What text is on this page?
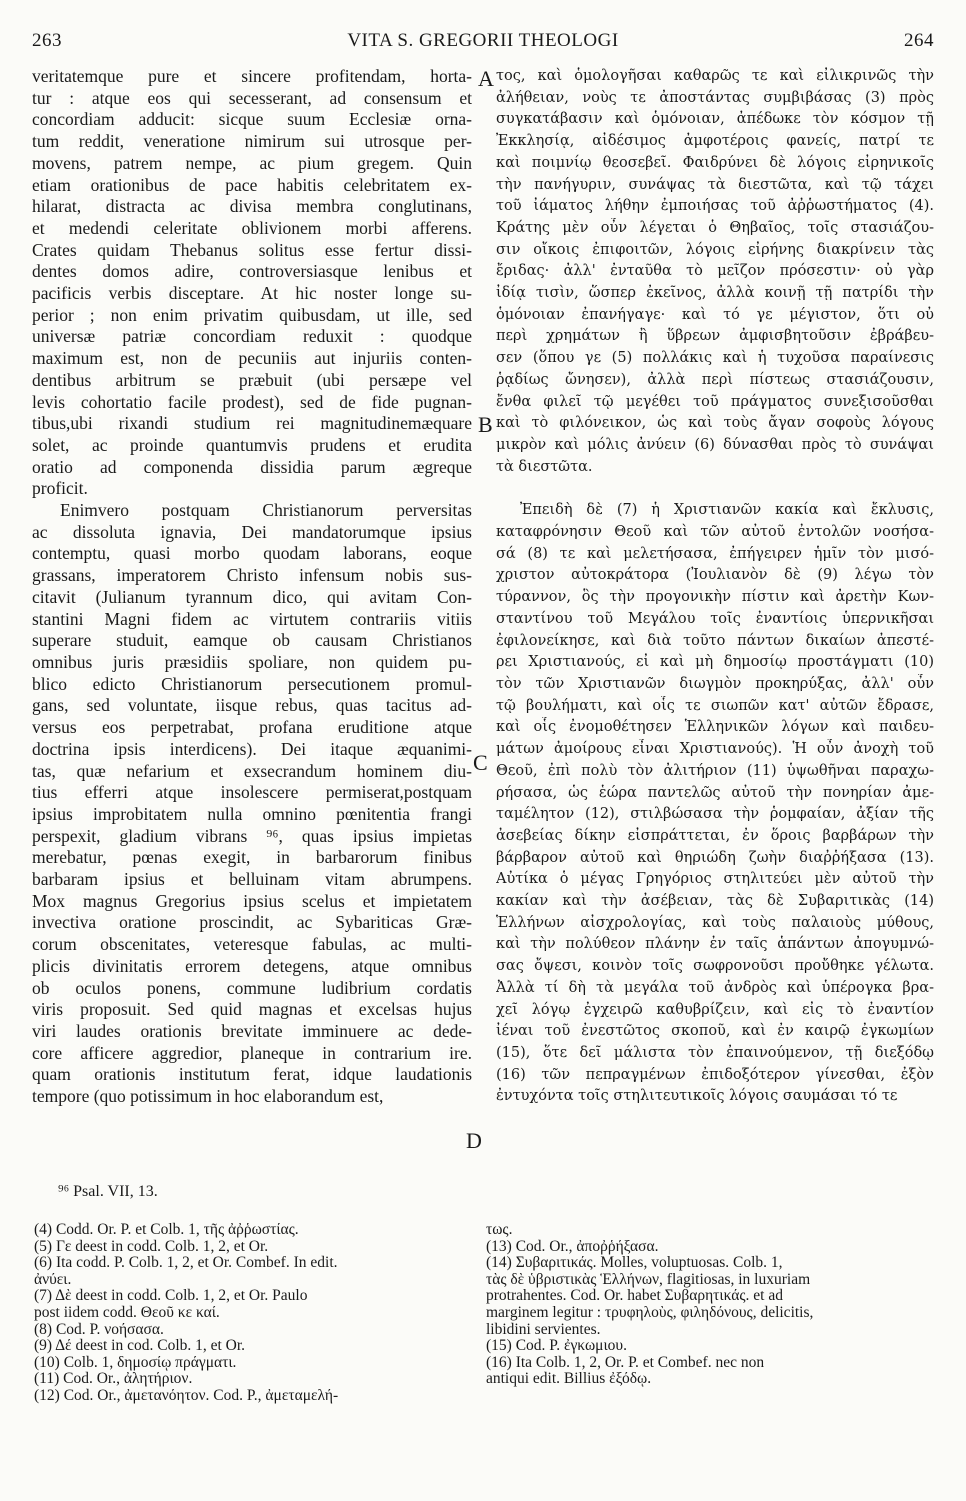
263	VITA S. GREGORII THEOLOGI	264
veritatemque pure et sincere profitendam, horta-
tur : atque eos qui secesserant, ad consensum et
concordiam adducit: sicque suum Ecclesiæ orna-
tum reddit, veneratione nimirum sui utrosque per-
movens, patrem nempe, ac pium gregem. Quin
etiam orationibus de pace habitis celebritatem ex-
hilarat, distracta ac divisa membra conglutinans,
et medendi celeritate oblivionem morbi afferens.
Crates quidam Thebanus solitus esse fertur dissi-
dentes domos adire, controversiasque lenibus et
pacificis verbis disceptare. At hic noster longe su-
perior ; non enim privatim quibusdam, ut ille, sed
universæ patriæ concordiam reduxit : quodque
maximum est, non de pecuniis aut injuriis conten-
dentibus arbitrum se præbuit (ubi persæpe vel
levis cohortatio facile prodest), sed de fide pugnan-
tibus,ubi rixandi studium rei magnitudinemæquare
solet, ac proinde quantumvis prudens et erudita
oratio ad componenda dissidia parum ægreque
proficit.
Enimvero postquam Christianorum perversitas
ac dissoluta ignavia, Dei mandatorumque ipsius
contemptu, quasi morbo quodam laborans, eoque
grassans, imperatorem Christo infensum nobis sus-
citavit (Julianum tyrannum dico, qui avitam Con-
stantini Magni fidem ac virtutem contrariis vitiis
superare studuit, eamque ob causam Christianos
omnibus juris præsidiis spoliare, non quidem pu-
blico edicto Christianorum persecutionem promul-
gans, sed voluntate, iisque rebus, quas tacitus ad-
versus eos perpetrabat, profana eruditione atque
doctrina ipsis interdicens). Dei itaque æquanimi-
tas, quæ nefarium et exsecrandum hominem diu-
tius efferri atque insolescere permiserat,postquam
ipsius improbitatem nulla omnino pœnitentia frangi
perspexit, gladium vibrans ⁹⁶, quas ipsius impietas
merebatur, pœnas exegit, in barbarorum finibus
barbaram ipsius et belluinam vitam abrumpens.
Mox magnus Gregorius ipsius scelus et impietatem
invectiva oratione proscindit, ac Sybariticas Græ-
corum obscenitates, veteresque fabulas, ac multi-
plicis divinitatis errorem detegens, atque omnibus
ob oculos ponens, commune ludibrium cordatis
viris proposuit. Sed quid magnas et excelsas hujus
viri laudes orationis brevitate imminuere ac dede-
core afficere aggredior, planeque in contrarium ire.
quam orationis institutum ferat, idque laudationis
tempore (quo potissimum in hoc elaborandum est,
τος, καὶ ὁμολογῆσαι καθαρῶς τε καὶ εἰλικρινῶς τὴν
ἀλήθειαν, νοὺς τε ἀποστάντας συμβιβάσας (3) πρὸς
συγκατάβασιν καὶ ὁμόνοιαν, ἀπέδωκε τὸν κόσμον τῇ
Ἐκκλησίᾳ, αἰδέσιμος ἀμφοτέροις φανείς, πατρί τε
καὶ ποιμνίῳ θεοσεβεῖ. Φαιδρύνει δὲ λόγοις εἰρηνικοῖς
τὴν πανήγυριν, συνάψας τὰ διεστῶτα, καὶ τῷ τάχει
τοῦ ἰάματος λήθην ἐμποιήσας τοῦ ἀῤῥωστήματος (4).
Κράτης μὲν οὖν λέγεται ὁ Θηβαῖος, τοῖς στασιάζου-
σιν οἴκοις ἐπιφοιτῶν, λόγοις εἰρήνης διακρίνειν τὰς
ἔριδας· ἀλλ' ἐνταῦθα τὸ μεῖζον πρόσεστιν· οὐ γὰρ
ἰδίᾳ τισὶν, ὥσπερ ἐκεῖνος, ἀλλὰ κοινῇ τῇ πατρίδι τὴν
ὁμόνοιαν ἐπανήγαγε· καὶ τό γε μέγιστον, ὅτι οὐ
περὶ χρημάτων ἢ ὕβρεων ἀμφισβητοῦσιν ἐβράβευ-
σεν (ὅπου γε (5) πολλάκις καὶ ἡ τυχοῦσα παραίνεσις
ῥᾳδίως ὤνησεν), ἀλλὰ περὶ πίστεως στασιάζουσιν,
ἔνθα φιλεῖ τῷ μεγέθει τοῦ πράγματος συνεξισοῦσθαι
καὶ τὸ φιλόνεικον, ὡς καὶ τοὺς ἄγαν σοφοὺς λόγους
μικρὸν καὶ μόλις ἀνύειν (6) δύνασθαι πρὸς τὸ συνάψαι
τὰ διεστῶτα.
Ἐπειδὴ δὲ (7) ἡ Χριστιανῶν κακία καὶ ἔκλυσις,
καταφρόνησιν Θεοῦ καὶ τῶν αὐτοῦ ἐντολῶν νοσήσα-
σά (8) τε καὶ μελετήσασα, ἐπήγειρεν ἡμῖν τὸν μισό-
χριστον αὐτοκράτορα (Ἰουλιανὸν δὲ (9) λέγω τὸν
τύραννον, ὃς τὴν προγονικὴν πίστιν καὶ ἀρετὴν Κων-
σταντίνου τοῦ Μεγάλου τοῖς ἐναντίοις ὑπερνικῆσαι
ἐφιλονείκησε, καὶ διὰ τοῦτο πάντων δικαίων ἀπεστέ-
ρει Χριστιανούς, εἰ καὶ μὴ δημοσίῳ προστάγματι (10)
τὸν τῶν Χριστιανῶν διωγμὸν προκηρύξας, ἀλλ' οὖν
τῷ βουλήματι, καὶ οἷς τε σιωπῶν κατ' αὐτῶν ἔδρασε,
καὶ οἷς ἐνομοθέτησεν Ἑλληνικῶν λόγων καὶ παιδευ-
μάτων ἀμοίρους εἶναι Χριστιανούς). Ἡ οὖν ἀνοχὴ τοῦ
Θεοῦ, ἐπὶ πολὺ τὸν ἀλιτήριον (11) ὑψωθῆναι παραχω-
ρήσασα, ὡς ἑώρα παντελῶς αὐτοῦ τὴν πονηρίαν ἀμε-
ταμέλητον (12), στιλβώσασα τὴν ῥομφαίαν, ἀξίαν τῆς
ἀσεβείας δίκην εἰσπράττεται, ἐν ὅροις βαρβάρων τὴν
βάρβαρον αὐτοῦ καὶ θηριώδη ζωὴν διαῤῥήξασα (13).
Αὐτίκα ὁ μέγας Γρηγόριος στηλιτεύει μὲν αὐτοῦ τὴν
κακίαν καὶ τὴν ἀσέβειαν, τὰς δὲ Συβαριτικὰς (14)
Ἑλλήνων αἰσχρολογίας, καὶ τοὺς παλαιοὺς μύθους,
καὶ τὴν πολύθεον πλάνην ἐν ταῖς ἁπάντων ἀπογυμνώ-
σας ὄψεσι, κοινὸν τοῖς σωφρονοῦσι προὔθηκε γέλωτα.
Ἀλλὰ τί δὴ τὰ μεγάλα τοῦ ἀνδρὸς καὶ ὑπέρογκα βρα-
χεῖ λόγῳ ἐγχειρῶ καθυβρίζειν, καὶ εἰς τὸ ἐναντίον
ἰέναι τοῦ ἐνεστῶτος σκοποῦ, καὶ ἐν καιρῷ ἐγκωμίων
(15), ὅτε δεῖ μάλιστα τὸν ἐπαινούμενον, τῇ διεξόδῳ
(16) τῶν πεπραγμένων ἐπιδοξότερον γίνεσθαι, ἐξὸν
ἐντυχόντα τοῖς στηλιτευτικοῖς λόγοις σαυμάσαι τό τε
A
B
C
D
⁹⁶ Psal. VII, 13.
(4) Codd. Or. P. et Colb. 1, τῆς ἀῤῥωστίας.
(5) Γε deest in codd. Colb. 1, 2, et Or.
(6) Ita codd. P. Colb. 1, 2, et Or. Combef. In edit.
ἀνύει.
(7) Δὲ deest in codd. Colb. 1, 2, et Or. Paulo
post iidem codd. Θεοῦ κε καί.
(8) Cod. P. νοήσασα.
(9) Δέ deest in cod. Colb. 1, et Or.
(10) Colb. 1, δημοσίῳ πράγματι.
(11) Cod. Or., ἀλητήριον.
(12) Cod. Or., ἀμετανόητον. Cod. P., ἀμεταμελή-
τως.
(13) Cod. Or., ἀποῤῥήξασα.
(14) Συβαριτικάς. Molles, voluptuosas. Colb. 1,
τὰς δὲ ὑβριστικὰς Ἑλλήνων, flagitiosas, in luxuriam
protrahentes. Cod. Or. habet Συβαρητικάς. et ad
marginem legitur : τρυφηλοὺς, φιληδόνους, delicitis,
libidini servientes.
(15) Cod. P. ἐγκωμιου.
(16) Ita Colb. 1, 2, Or. P. et Combef. nec non
antiqui edit. Billius ἐξόδῳ.
